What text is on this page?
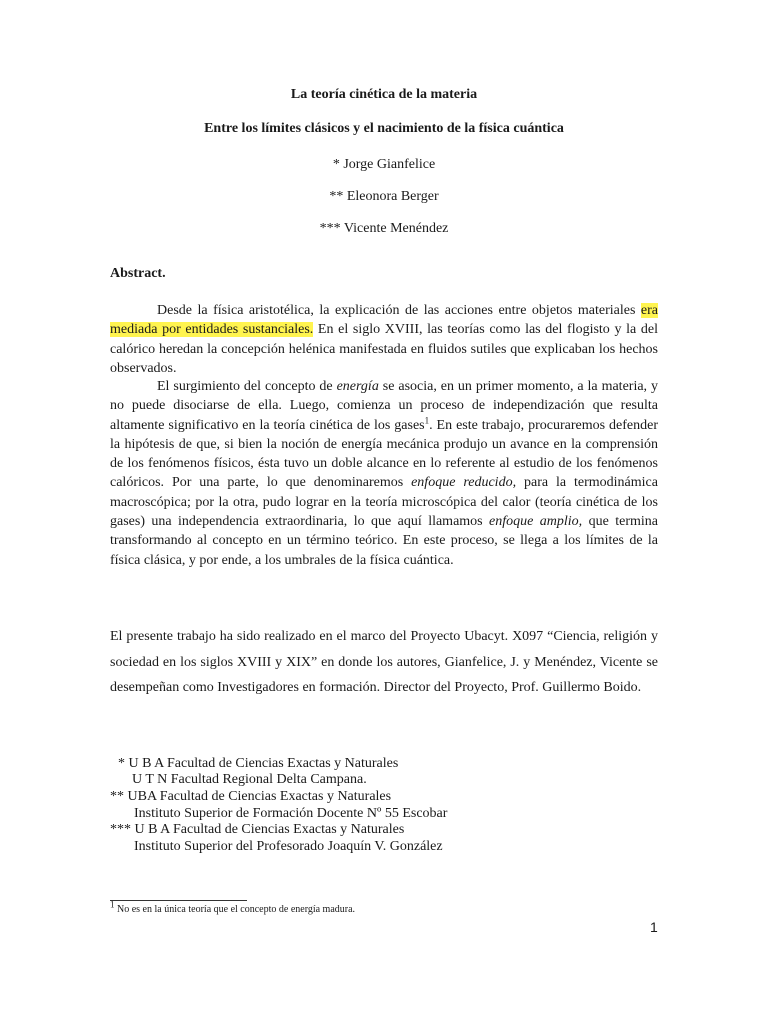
La teoría cinética de la materia
Entre los límites clásicos y el nacimiento de la física cuántica
* Jorge Gianfelice
** Eleonora Berger
*** Vicente Menéndez
Abstract.

Desde la física aristotélica, la explicación de las acciones entre objetos materiales era mediada por entidades sustanciales. En el siglo XVIII, las teorías como las del flogisto y la del calórico heredan la concepción helénica manifestada en fluidos sutiles que explicaban los hechos observados.

El surgimiento del concepto de energía se asocia, en un primer momento, a la materia, y no puede disociarse de ella. Luego, comienza un proceso de independización que resulta altamente significativo en la teoría cinética de los gases$^1$. En este trabajo, procuraremos defender la hipótesis de que, si bien la noción de energía mecánica produjo un avance en la comprensión de los fenómenos físicos, ésta tuvo un doble alcance en lo referente al estudio de los fenómenos calóricos. Por una parte, lo que denominaremos enfoque reducido, para la termodinámica macroscópica; por la otra, pudo lograr en la teoría microscópica del calor (teoría cinética de los gases) una independencia extraordinaria, lo que aquí llamamos enfoque amplio, que termina transformando al concepto en un término teórico. En este proceso, se llega a los límites de la física clásica, y por ende, a los umbrales de la física cuántica.

El presente trabajo ha sido realizado en el marco del Proyecto Ubacyt. X097 “Ciencia, religión y sociedad en los siglos XVIII y XIX” en donde los autores, Gianfelice, J. y Menéndez, Vicente se desempeñan como Investigadores en formación. Director del Proyecto, Prof. Guillermo Boido.

* U B A Facultad de Ciencias Exactas y Naturales
U T N Facultad Regional Delta Campana.
** UBA Facultad de Ciencias Exactas y Naturales
Instituto Superior de Formación Docente Nº 55 Escobar
*** U B A Facultad de Ciencias Exactas y Naturales
Instituto Superior del Profesorado Joaquín V. González
$^1$ No es en la única teoría que el concepto de energía madura.
1
